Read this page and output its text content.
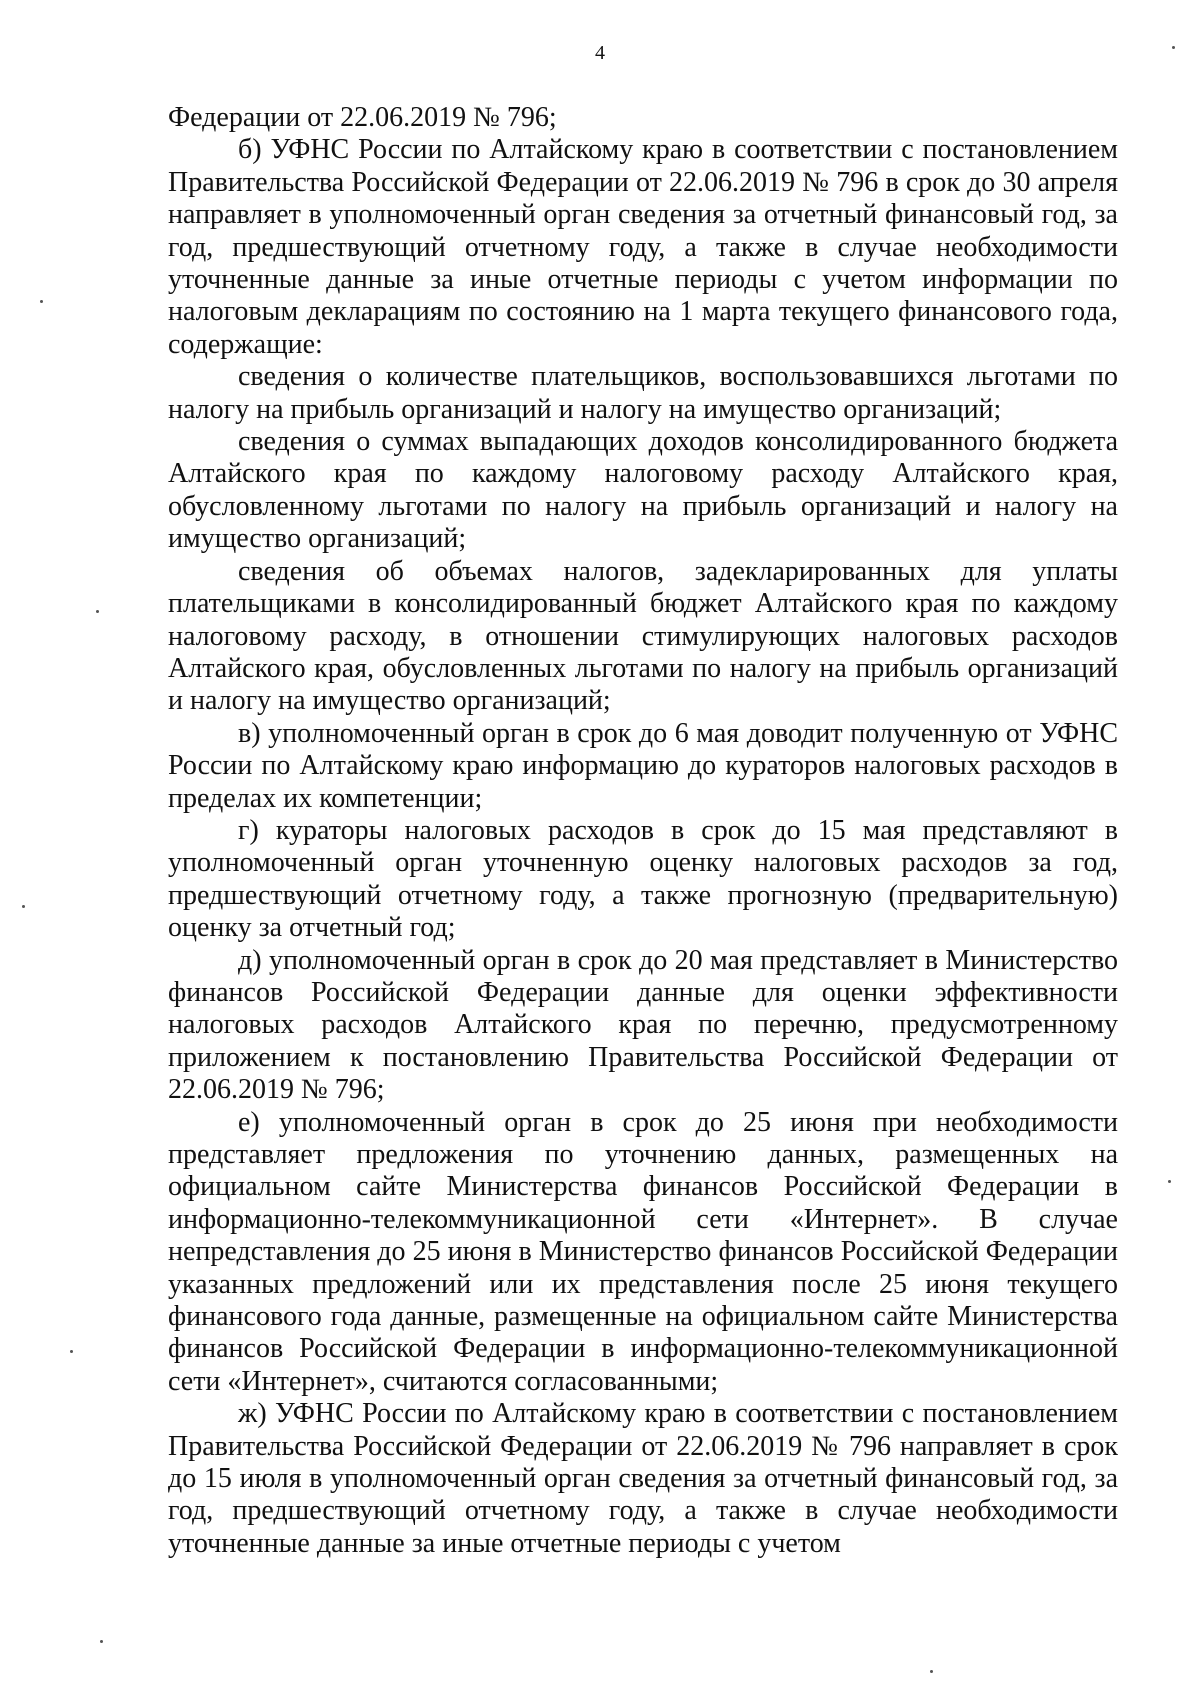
4

Федерации от 22.06.2019 № 796;

б) УФНС России по Алтайскому краю в соответствии с постановлением Правительства Российской Федерации от 22.06.2019 № 796 в срок до 30 апреля направляет в уполномоченный орган сведения за отчетный финансовый год, за год, предшествующий отчетному году, а также в случае необходимости уточненные данные за иные отчетные периоды с учетом информации по налоговым декларациям по состоянию на 1 марта текущего финансового года, содержащие:

сведения о количестве плательщиков, воспользовавшихся льготами по налогу на прибыль организаций и налогу на имущество организаций;

сведения о суммах выпадающих доходов консолидированного бюджета Алтайского края по каждому налоговому расходу Алтайского края, обусловленному льготами по налогу на прибыль организаций и налогу на имущество организаций;

сведения об объемах налогов, задекларированных для уплаты плательщиками в консолидированный бюджет Алтайского края по каждому налоговому расходу, в отношении стимулирующих налоговых расходов Алтайского края, обусловленных льготами по налогу на прибыль организаций и налогу на имущество организаций;

в) уполномоченный орган в срок до 6 мая доводит полученную от УФНС России по Алтайскому краю информацию до кураторов налоговых расходов в пределах их компетенции;

г) кураторы налоговых расходов в срок до 15 мая представляют в уполномоченный орган уточненную оценку налоговых расходов за год, предшествующий отчетному году, а также прогнозную (предварительную) оценку за отчетный год;

д) уполномоченный орган в срок до 20 мая представляет в Министерство финансов Российской Федерации данные для оценки эффективности налоговых расходов Алтайского края по перечню, предусмотренному приложением к постановлению Правительства Российской Федерации от 22.06.2019 № 796;

е) уполномоченный орган в срок до 25 июня при необходимости представляет предложения по уточнению данных, размещенных на официальном сайте Министерства финансов Российской Федерации в информационно-телекоммуникационной сети «Интернет». В случае непредставления до 25 июня в Министерство финансов Российской Федерации указанных предложений или их представления после 25 июня текущего финансового года данные, размещенные на официальном сайте Министерства финансов Российской Федерации в информационно-телекоммуникационной сети «Интернет», считаются согласованными;

ж) УФНС России по Алтайскому краю в соответствии с постановлением Правительства Российской Федерации от 22.06.2019 № 796 направляет в срок до 15 июля в уполномоченный орган сведения за отчетный финансовый год, за год, предшествующий отчетному году, а также в случае необходимости уточненные данные за иные отчетные периоды с учетом
